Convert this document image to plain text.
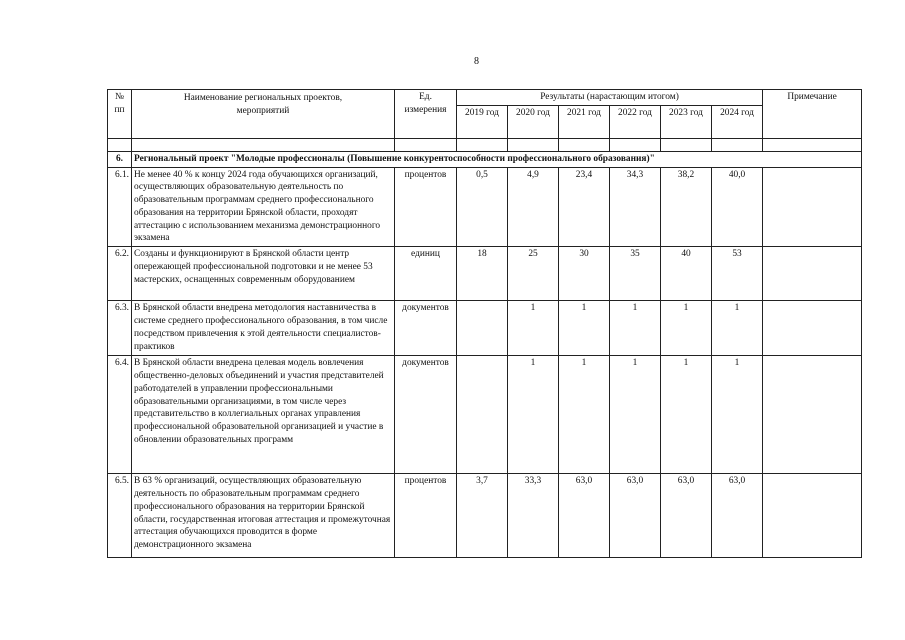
8
№ пп	Наименование региональных проектов, мероприятий	Ед. измерения	Результаты (нарастающим итогом)						Примечание
			2019 год	2020 год	2021 год	2022 год	2023 год	2024 год	

6.	Региональный проект "Молодые профессионалы (Повышение конкурентоспособности профессионального образования)"								
6.1.	Не менее 40 % к концу 2024 года обучающихся организаций, осуществляющих образовательную деятельность по образовательным программам среднего профессионального образования на территории Брянской области, проходят аттестацию с использованием механизма демонстрационного экзамена	процентов	0,5	4,9	23,4	34,3	38,2	40,0	
6.2.	Созданы и функционируют в Брянской области центр опережающей профессиональной подготовки и не менее 53 мастерских, оснащенных современным оборудованием	единиц	18	25	30	35	40	53	
6.3.	В Брянской области внедрена методология наставничества в системе среднего профессионального образования, в том числе посредством привлечения к этой деятельности специалистов-практиков	документов		1	1	1	1	1	
6.4.	В Брянской области внедрена целевая модель вовлечения общественно-деловых объединений и участия представителей работодателей в управлении профессиональными образовательными организациями, в том числе через представительство в коллегиальных органах управления профессиональной образовательной организацией и участие в обновлении образовательных программ	документов		1	1	1	1	1	
6.5.	В 63 % организаций, осуществляющих образовательную деятельность по образовательным программам среднего профессионального образования на территории Брянской области, государственная итоговая аттестация и промежуточная аттестация обучающихся проводится в форме демонстрационного экзамена	процентов	3,7	33,3	63,0	63,0	63,0	63,0	
